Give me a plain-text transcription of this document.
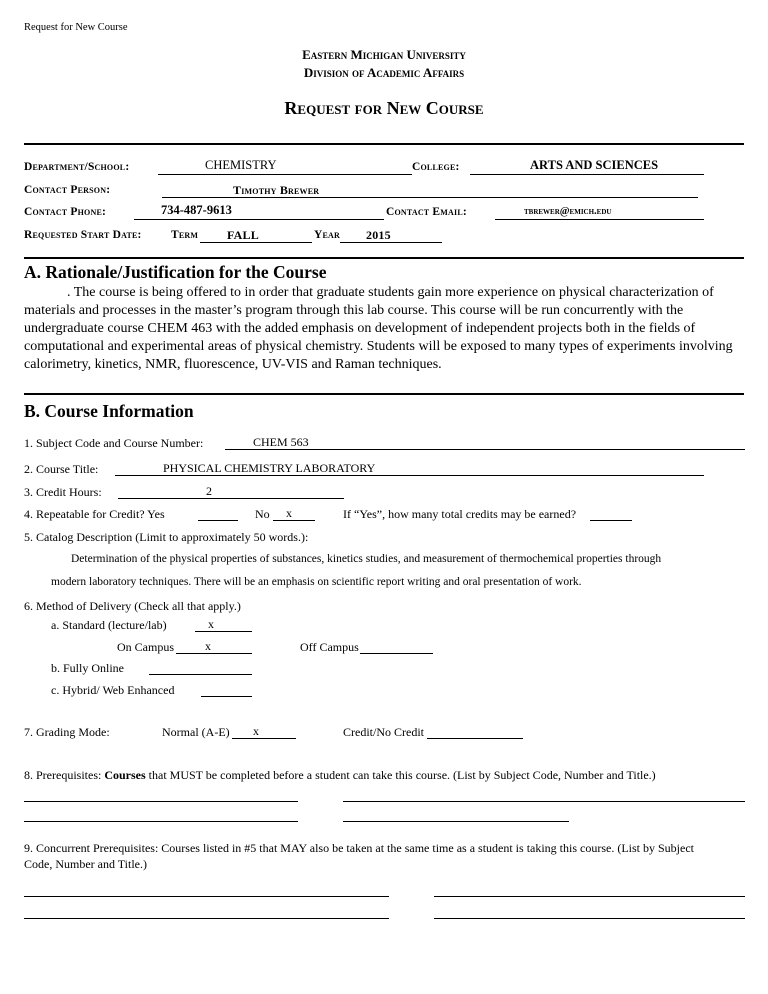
Request for New Course
Eastern Michigan University
Division of Academic Affairs
Request for New Course
Department/School:	CHEMISTRY	College:	ARTS AND SCIENCES
Contact Person:	Timothy Brewer
Contact Phone:	734-487-9613	Contact Email:	tbrewer@emich.edu
Requested Start Date:	Term FALL	Year 2015
A. Rationale/Justification for the Course
. The course is being offered to in order that graduate students gain more experience on physical characterization of materials and processes in the master’s program through this lab course. This course will be run concurrently with the undergraduate course CHEM 463 with the added emphasis on development of independent projects both in the fields of computational and experimental areas of physical chemistry. Students will be exposed to many types of experiments involving calorimetry, kinetics, NMR, fluorescence, UV-VIS and Raman techniques.
B. Course Information
1. Subject Code and Course Number:	CHEM 563
2. Course Title:	PHYSICAL CHEMISTRY LABORATORY
3. Credit Hours:	2
4. Repeatable for Credit? Yes	No x	If “Yes”, how many total credits may be earned?
5. Catalog Description (Limit to approximately 50 words.):
Determination of the physical properties of substances, kinetics studies, and measurement of thermochemical properties through
modern laboratory techniques. There will be an emphasis on scientific report writing and oral presentation of work.
6. Method of Delivery (Check all that apply.)
a. Standard (lecture/lab)	x
On Campus	x	Off Campus
b. Fully Online
c. Hybrid/ Web Enhanced
7. Grading Mode:	Normal (A-E) x	Credit/No Credit
8. Prerequisites: Courses that MUST be completed before a student can take this course. (List by Subject Code, Number and Title.)
9. Concurrent Prerequisites: Courses listed in #5 that MAY also be taken at the same time as a student is taking this course. (List by Subject
Code, Number and Title.)
